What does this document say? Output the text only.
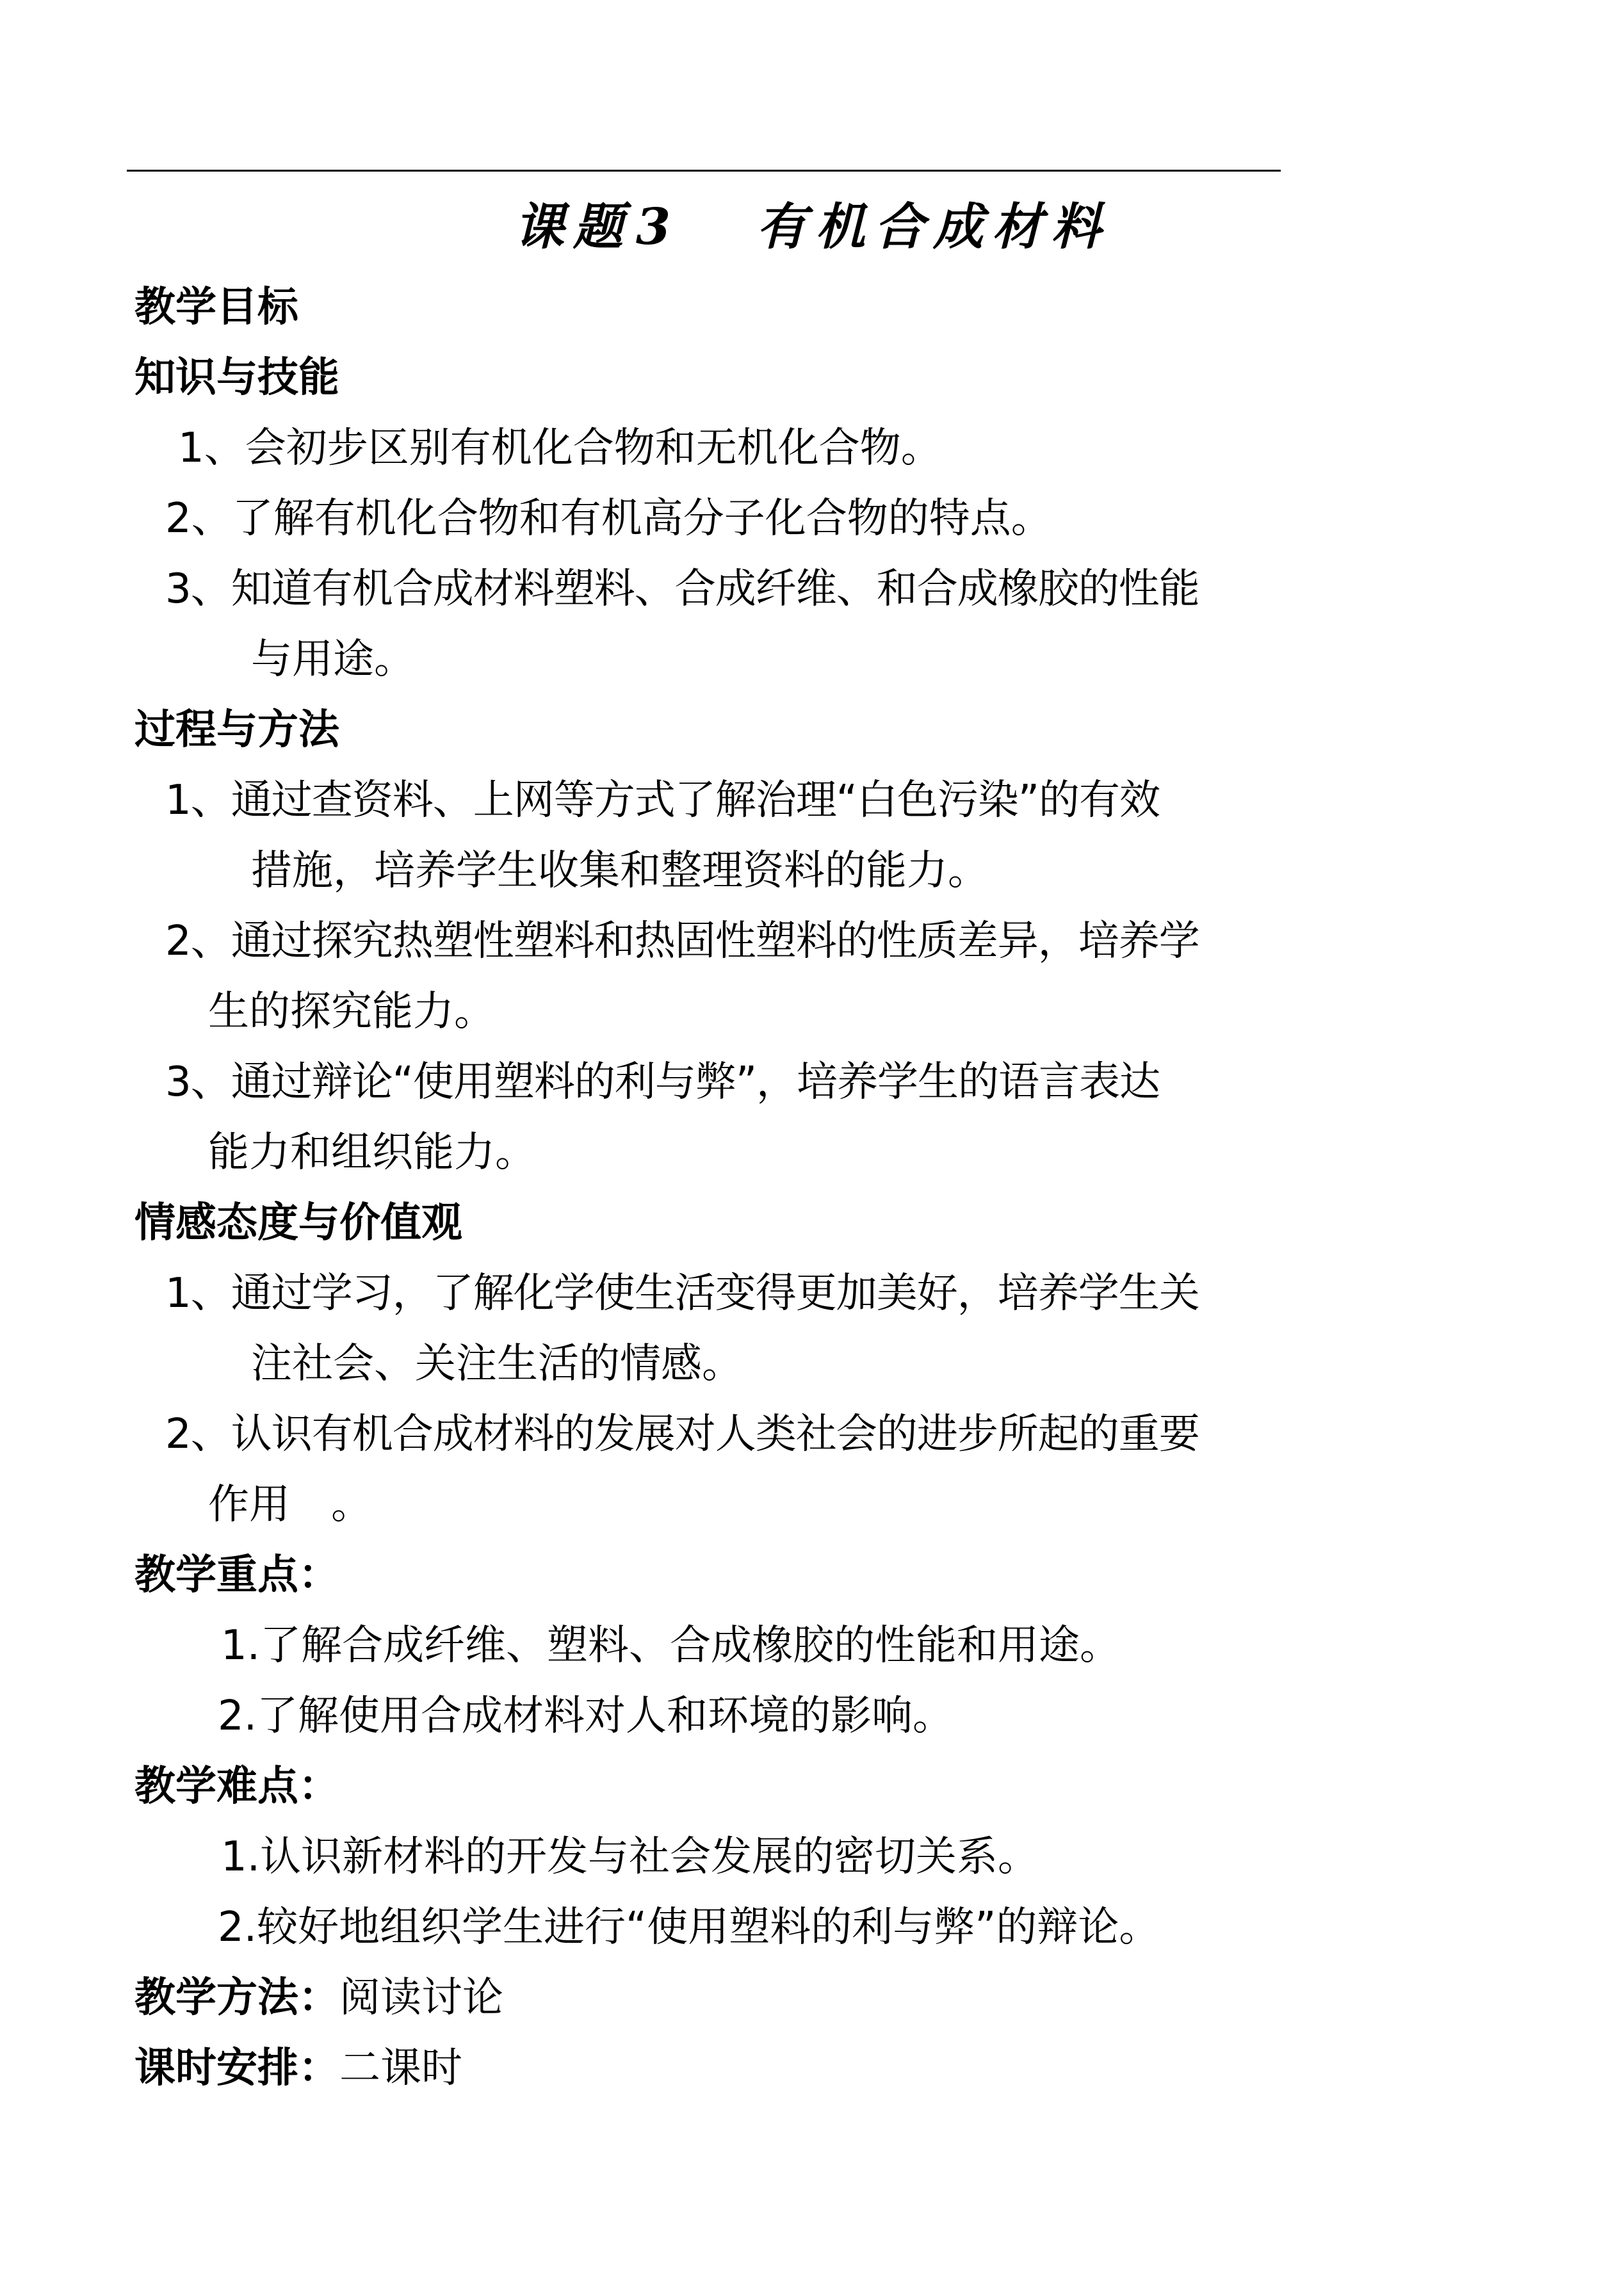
课题3 有机合成材料
教学目标
知识与技能
1、会初步区别有机化合物和无机化合物。
2、了解有机化合物和有机高分子化合物的特点。
3、知道有机合成材料塑料、合成纤维、和合成橡胶的性能
与用途。
过程与方法
1、通过查资料、上网等方式了解治理“白色污染”的有效
措施，培养学生收集和整理资料的能力。
2、通过探究热塑性塑料和热固性塑料的性质差异，培养学
生的探究能力。
3、通过辩论“使用塑料的利与弊”，培养学生的语言表达
能力和组织能力。
情感态度与价值观
1、通过学习，了解化学使生活变得更加美好，培养学生关
注社会、关注生活的情感。
2、认识有机合成材料的发展对人类社会的进步所起的重要
作用　。
教学重点：
1.了解合成纤维、塑料、合成橡胶的性能和用途。
2.了解使用合成材料对人和环境的影响。
教学难点：
1.认识新材料的开发与社会发展的密切关系。
2.较好地组织学生进行“使用塑料的利与弊”的辩论。
教学方法：阅读讨论
课时安排：二课时
